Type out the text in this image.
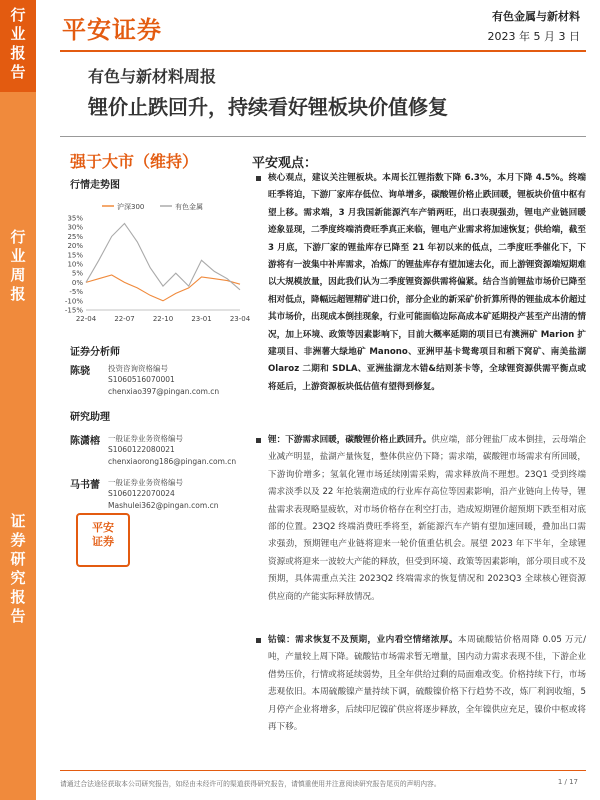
行
业
报
告
行
业
周
报
证
券
研
究
报
告
平安证券	有色金属与新材料
2023 年 5 月 3 日
有色与新材料周报
锂价止跌回升，持续看好锂板块价值修复
强于大市（维持）
行情走势图
沪深300	有色金属
35%
30%
25%
20%
15%
10%
5%
0%
-5%
-10%
-15%
22-04	22-07	22-10	23-01	23-04
证券分析师
陈骁 投资咨询资格编号
S1060516070001
chenxiao397@pingan.com.cn
研究助理
陈潇榕 一般证券业务资格编号
S1060122080021
chenxiaorong186@pingan.com.cn
马书蕾 一般证券业务资格编号
S1060122070024
Mashulei362@pingan.com.cn
平安
证券
平安观点：
核心观点，建议关注锂板块。本周长江锂指数下降 6.3%，本月下降 4.5%。终端旺季将迫，下游厂家库存低位、询单增多，碳酸锂价格止跌回暖，锂板块价值中枢有望上移。需求端，3 月我国新能源汽车产销两旺，出口表现强劲，锂电产业链回暖迹象显现，二季度终端消费旺季真正来临，锂电产业需求将加速恢复；供给端，截至 3 月底，下游厂家的锂盐库存已降至 21 年初以来的低点，二季度旺季催化下，下游将有一波集中补库需求，冶炼厂的锂盐库存有望加速去化，而上游锂资源端短期难以大规模放量，因此我们认为二季度锂资源供需将偏紧。结合当前锂盐市场价已降至相对低点，降幅远超锂精矿进口价，部分企业的新采矿价折算所得的锂盐成本价超过其市场价，出现成本倒挂现象，行业可能面临边际高成本矿延期投产甚至产出清的情况，加上环境、政策等因素影响下，目前大概率延期的项目已有澳洲矿 Marion 扩建项目、非洲薯大绿地矿 Manono、亚洲甲基卡鸳鸯项目和稻下窝矿、南美盐湖 Olaroz 二期和 SDLA、亚洲盐湖龙木错&结则茶卡等，全球锂资源供需平衡点或将延后，上游资源板块低估值有望得到修复。
锂：下游需求回暖，碳酸锂价格止跌回升。供应端，部分锂盐厂成本倒挂，云母端企业减产明显，盐湖产量恢复，整体供应仍下降；需求端，碳酸锂市场需求有所回暖，下游询价增多；氢氧化锂市场延续刚需采购，需求释放尚不理想。23Q1 受到终端需求淡季以及 22 年抢装潮造成的行业库存高位等因素影响，沿产业链向上传导，锂盐需求表现略显疲软，对市场价格存在利空打击，造成短期锂价超预期下跌至相对底部的位置。23Q2 终端消费旺季将至，新能源汽车产销有望加速回暖，叠加出口需求强劲，预期锂电产业链将迎来一轮价值重估机会。展望 2023 年下半年，全球锂资源或将迎来一波较大产能的释放，但受到环境、政策等因素影响，部分项目或不及预期，具体需重点关注 2023Q2 终端需求的恢复情况和 2023Q3 全球核心锂资源供应商的产能实际释放情况。
钴镍：需求恢复不及预期，业内看空情绪浓厚。本周硫酸钴价格周降 0.05 万元/吨，产量较上周下降。硫酸钴市场需求暂无增量，国内动力需求表现不佳，下游企业借势压价，行情或将延续弱势，且全年供给过剩的局面难改变。价格持续下行，市场悲观依旧。本周硫酸镍产量持续下调，硫酸镍价格下行趋势不改，炼厂利润收缩，5 月停产企业将增多，后续印尼镍矿供应将逐步释放，全年镍供应充足，镍价中枢或将再下移。
请通过合法途径获取本公司研究报告，如经由未经许可的渠道获得研究报告，请慎重使用并注意阅读研究报告尾页的声明内容。	1 / 17
